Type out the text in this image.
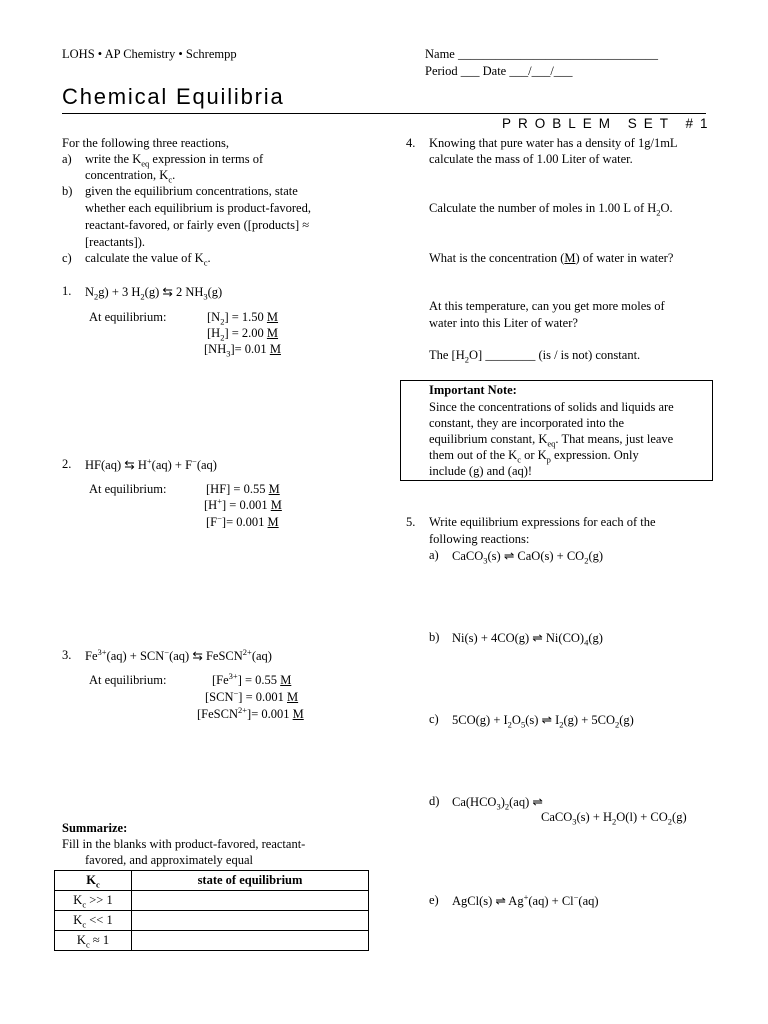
LOHS • AP Chemistry • Schrempp	Name ________________________________
Period ___ Date ___/___/___
Chemical Equilibria
PROBLEM SET #1
For the following three reactions,
a) write the $K_{eq}$ expression in terms of
concentration, $K_c$.
b) given the equilibrium concentrations, state
whether each equilibrium is product-favored,
reactant-favored, or fairly even ([products] ≈
[reactants]).
c) calculate the value of $K_c$.
1. $N_2g) + 3$ $H_2(g)$ ⇆ 2 $NH_3(g)$
At equilibrium:	$[N_2] = 1.50$ M
$[H_2] = 2.00$ M
$[NH_3]= 0.01$ M
2. HF(aq) ⇆ H+(aq) + F−(aq)
At equilibrium:	[HF] = 0.55 M
[H+] = 0.001 M
[F−]= 0.001 M
3. $Fe^{3+}(aq) + SCN^-(aq)$ ⇆ FeSCN$^{2+}$(aq)
At equilibrium:	$[Fe^{3+}] = 0.55$ M
[SCN−] = 0.001 M
[FeSCN$^{2+}$]= 0.001 M
Summarize:
Fill in the blanks with product-favored, reactant-
favored, and approximately equal
$K_c$	state of equilibrium
$K_c >> 1$	
$K_c << 1$	
$K_c \approx 1$	
4. Knowing that pure water has a density of 1g/1mL
calculate the mass of 1.00 Liter of water.
Calculate the number of moles in 1.00 L of $H_2O$.
What is the concentration (M) of water in water?
At this temperature, can you get more moles of
water into this Liter of water?
The $[H_2O]$ ________ (is / is not) constant.
Important Note:
Since the concentrations of solids and liquids are
constant, they are incorporated into the
equilibrium constant, $K_{eq}$. That means, just leave
them out of the $K_c$ or $K_p$ expression. Only
include (g) and (aq)!
5. Write equilibrium expressions for each of the
following reactions:
a) CaCO$_3$(s) ⇌ $CaO(s) + CO_2(g)$
b) Ni(s) + 4CO(g) ⇌ $Ni(CO)_4(g)$
c) $5CO(g) + I_2O_5(s)$ ⇌ $I_2(g) + 5CO_2(g)$
d) $Ca(HCO_3)_2(aq)$ ⇌
CaCO$_3$(s) + $H_2O(l) + CO_2(g)$
e) AgCl(s) ⇌ Ag+(aq) + Cl−(aq)
